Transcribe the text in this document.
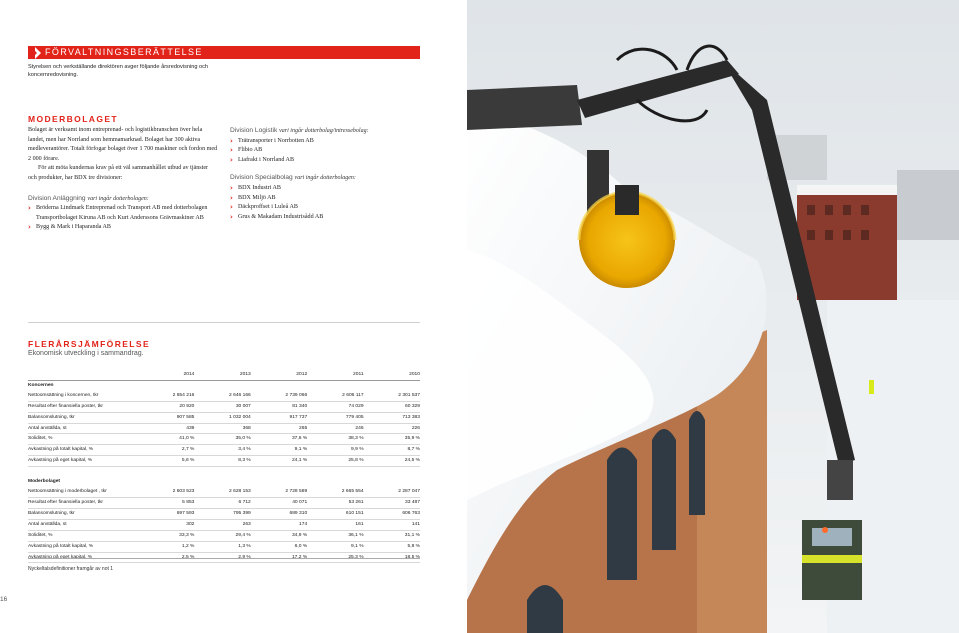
FÖRVALTNINGSBERÄTTELSE
Styrelsen och verkställande direktören avger följande årsredovisning och koncernredovisning.
MODERBOLAGET

Bolaget är verksamt inom entreprenad- och logistikbranschen över hela landet, men har Norrland som hemmamarknad. Bolaget har 300 aktiva medleverantörer. Totalt förfogar bolaget över 1 700 maskiner och fordon med 2 000 förare.

För att möta kundernas krav på ett väl sammanhållet utbud av tjänster och produkter, har BDX tre divisioner:

Division Anläggning vari ingår dotterbolagen:
› Bröderna Lindmark Entreprenad och Transport AB med dotterbolagen Transportbolaget Kiruna AB och Kurt Anderssons Grävmaskiner AB
› Bygg & Mark i Haparanda AB
Division Logistik vari ingår dotterbolag/intressebolag:
› Trätransporter i Norrbotten AB
› Flibio AB
› Liafrakt i Norrland AB
Division Specialbolag vari ingår dotterbolagen:
› BDX Industri AB
› BDX Miljö AB
› Däckproffset i Luleå AB
› Grus & Makadam Industrisådd AB
FLERÅRSJÄMFÖRELSE
Ekonomisk utveckling i sammandrag.
	2014	2013	2012	2011	2010
Koncernen					
Nettoomsättning i koncernen, tkr	2 654 216	2 646 166	2 739 066	2 606 117	2 301 537
Resultat efter finansiella poster, tkr	20 920	30 007	81 340	74 029	60 329
Balansomslutning, tkr	907 585	1 032 004	917 737	779 405	713 383
Antal anställda, st	439	368	265	246	226
Soliditet, %	41,0 %	35,0 %	37,6 %	38,3 %	35,9 %
Avkastning på totalt kapital, %	2,7 %	3,4 %	9,1 %	9,9 %	8,7 %
Avkastning på eget kapital, %	5,6 %	8,3 %	24,1 %	25,8 %	24,5 %

Moderbolaget					
Nettoomsättning i moderbolaget , tkr	2 603 523	2 628 153	2 728 589	2 665 554	2 287 047
Resultat efter finansiella poster, tkr	5 853	6 712	40 071	53 261	33 487
Balansomslutning, tkr	697 593	795 399	689 310	610 151	606 763
Antal anställda, st	302	263	174	161	141
Soliditet, %	33,3 %	29,4 %	34,9 %	36,1 %	31,1 %
Avkastning på totalt kapital, %	1,2 %	1,3 %	6,0 %	9,1 %	5,8 %
Avkastning på eget kapital, %	2,5 %	2,9 %	17,2 %	25,3 %	18,5 %
Nyckeltalsdefinitioner framgår av not 1
16
